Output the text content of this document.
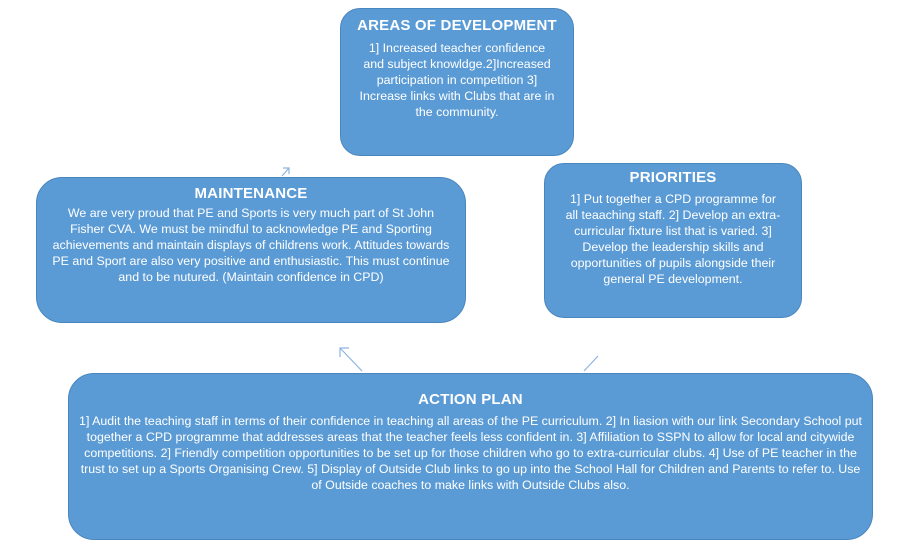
AREAS OF DEVELOPMENT

1] Increased teacher confidence and subject knowldge.2]Increased participation in competition 3] Increase links with Clubs that are in the community.

PRIORITIES

1] Put together a CPD programme for all teaaching staff. 2] Develop an extra-curricular fixture list that is varied. 3] Develop the leadership skills and opportunities of pupils alongside their general PE development.

MAINTENANCE

We are very proud that PE and Sports is very much part of St John Fisher CVA. We must be mindful to acknowledge PE and Sporting achievements and maintain displays of childrens work. Attitudes towards PE and Sport are also very positive and enthusiastic. This must continue and to be nutured. (Maintain confidence in CPD)

ACTION PLAN

1] Audit the teaching staff in terms of their confidence in teaching all areas of the PE curriculum. 2] In liasion with our link Secondary School put together a CPD programme that addresses areas that the teacher feels less confident in. 3] Affiliation to SSPN to allow for local and citywide competitions. 2] Friendly competition opportunities to be set up for those children who go to extra-curricular clubs. 4] Use of PE teacher in the trust to set up a Sports Organising Crew. 5] Display of Outside Club links to go up into the School Hall for Children and Parents to refer to. Use of Outside coaches to make links with Outside Clubs also.
